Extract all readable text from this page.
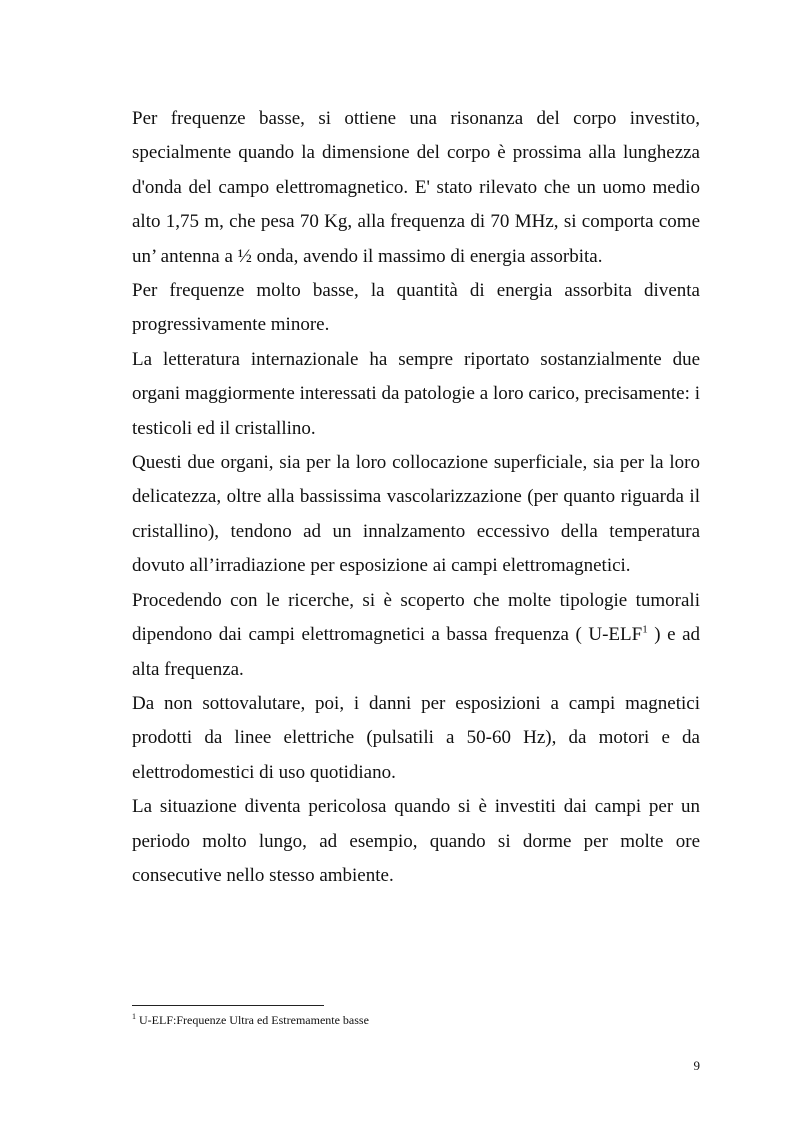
Per frequenze basse, si ottiene una risonanza del corpo investito, specialmente quando la dimensione del corpo è prossima alla lunghezza d'onda del campo elettromagnetico. E' stato rilevato che un uomo medio alto 1,75 m, che pesa 70 Kg, alla frequenza di 70 MHz, si comporta come un’ antenna a ½ onda, avendo il massimo di energia assorbita.

Per frequenze molto basse, la quantità di energia assorbita diventa progressivamente minore.

La letteratura internazionale ha sempre riportato sostanzialmente due organi maggiormente interessati da patologie a loro carico, precisamente: i testicoli ed il cristallino.

Questi due organi, sia per la loro collocazione superficiale, sia per la loro delicatezza, oltre alla bassissima vascolarizzazione (per quanto riguarda il cristallino), tendono ad un innalzamento eccessivo della temperatura dovuto all’irradiazione per esposizione ai campi elettromagnetici.

Procedendo con le ricerche, si è scoperto che molte tipologie tumorali dipendono dai campi elettromagnetici a bassa frequenza ( U-ELF$^1$ ) e ad alta frequenza.

Da non sottovalutare, poi, i danni per esposizioni a campi magnetici prodotti da linee elettriche (pulsatili a 50-60 Hz), da motori e da elettrodomestici di uso quotidiano.

La situazione diventa pericolosa quando si è investiti dai campi per un periodo molto lungo, ad esempio, quando si dorme per molte ore consecutive nello stesso ambiente.

$^1$ U-ELF:Frequenze Ultra ed Estremamente basse

9
